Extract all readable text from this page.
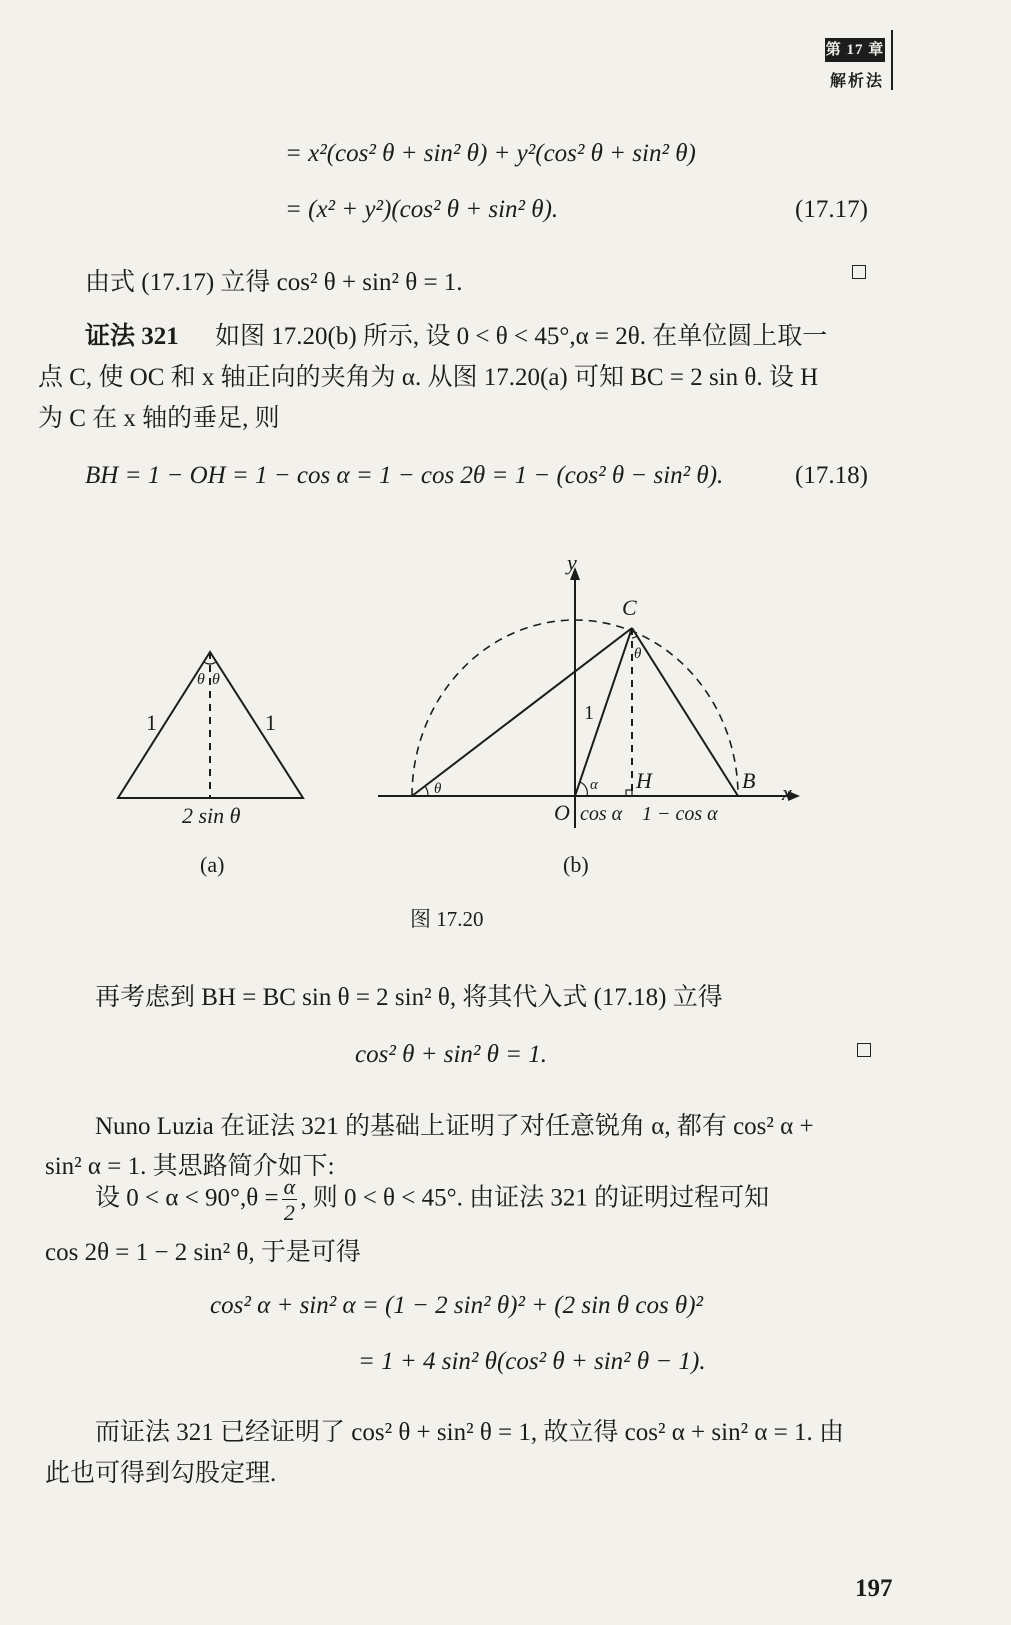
第 17 章
解析法
= x²(cos² θ + sin² θ) + y²(cos² θ + sin² θ)
= (x² + y²)(cos² θ + sin² θ).	(17.17)
由式 (17.17) 立得 cos² θ + sin² θ = 1.
证法 321 如图 17.20(b) 所示, 设 0 < θ < 45°,α = 2θ. 在单位圆上取一
点 C, 使 OC 和 x 轴正向的夹角为 α. 从图 17.20(a) 可知 BC = 2 sin θ. 设 H
为 C 在 x 轴的垂足, 则
BH = 1 − OH = 1 − cos α = 1 − cos 2θ = 1 − (cos² θ − sin² θ).	(17.18)
θ θ
1	1
2 sin θ
(a)
x
y
C
θ
θ	α
1
H	B
O cos α 1 − cos α
(b)
图 17.20
再考虑到 BH = BC sin θ = 2 sin² θ, 将其代入式 (17.18) 立得
cos² θ + sin² θ = 1.
Nuno Luzia 在证法 321 的基础上证明了对任意锐角 α, 都有 cos² α +
sin² α = 1. 其思路简介如下:
设 $0 < \alpha < 90^\circ,\theta = \frac{\alpha}{2}$ , 则 0 < θ < 45°. 由证法 321 的证明过程可知
cos 2θ = 1 − 2 sin² θ, 于是可得
cos² α + sin² α = (1 − 2 sin² θ)² + (2 sin θ cos θ)²
= 1 + 4 sin² θ(cos² θ + sin² θ − 1).
而证法 321 已经证明了 cos² θ + sin² θ = 1, 故立得 cos² α + sin² α = 1. 由
此也可得到勾股定理.
197
